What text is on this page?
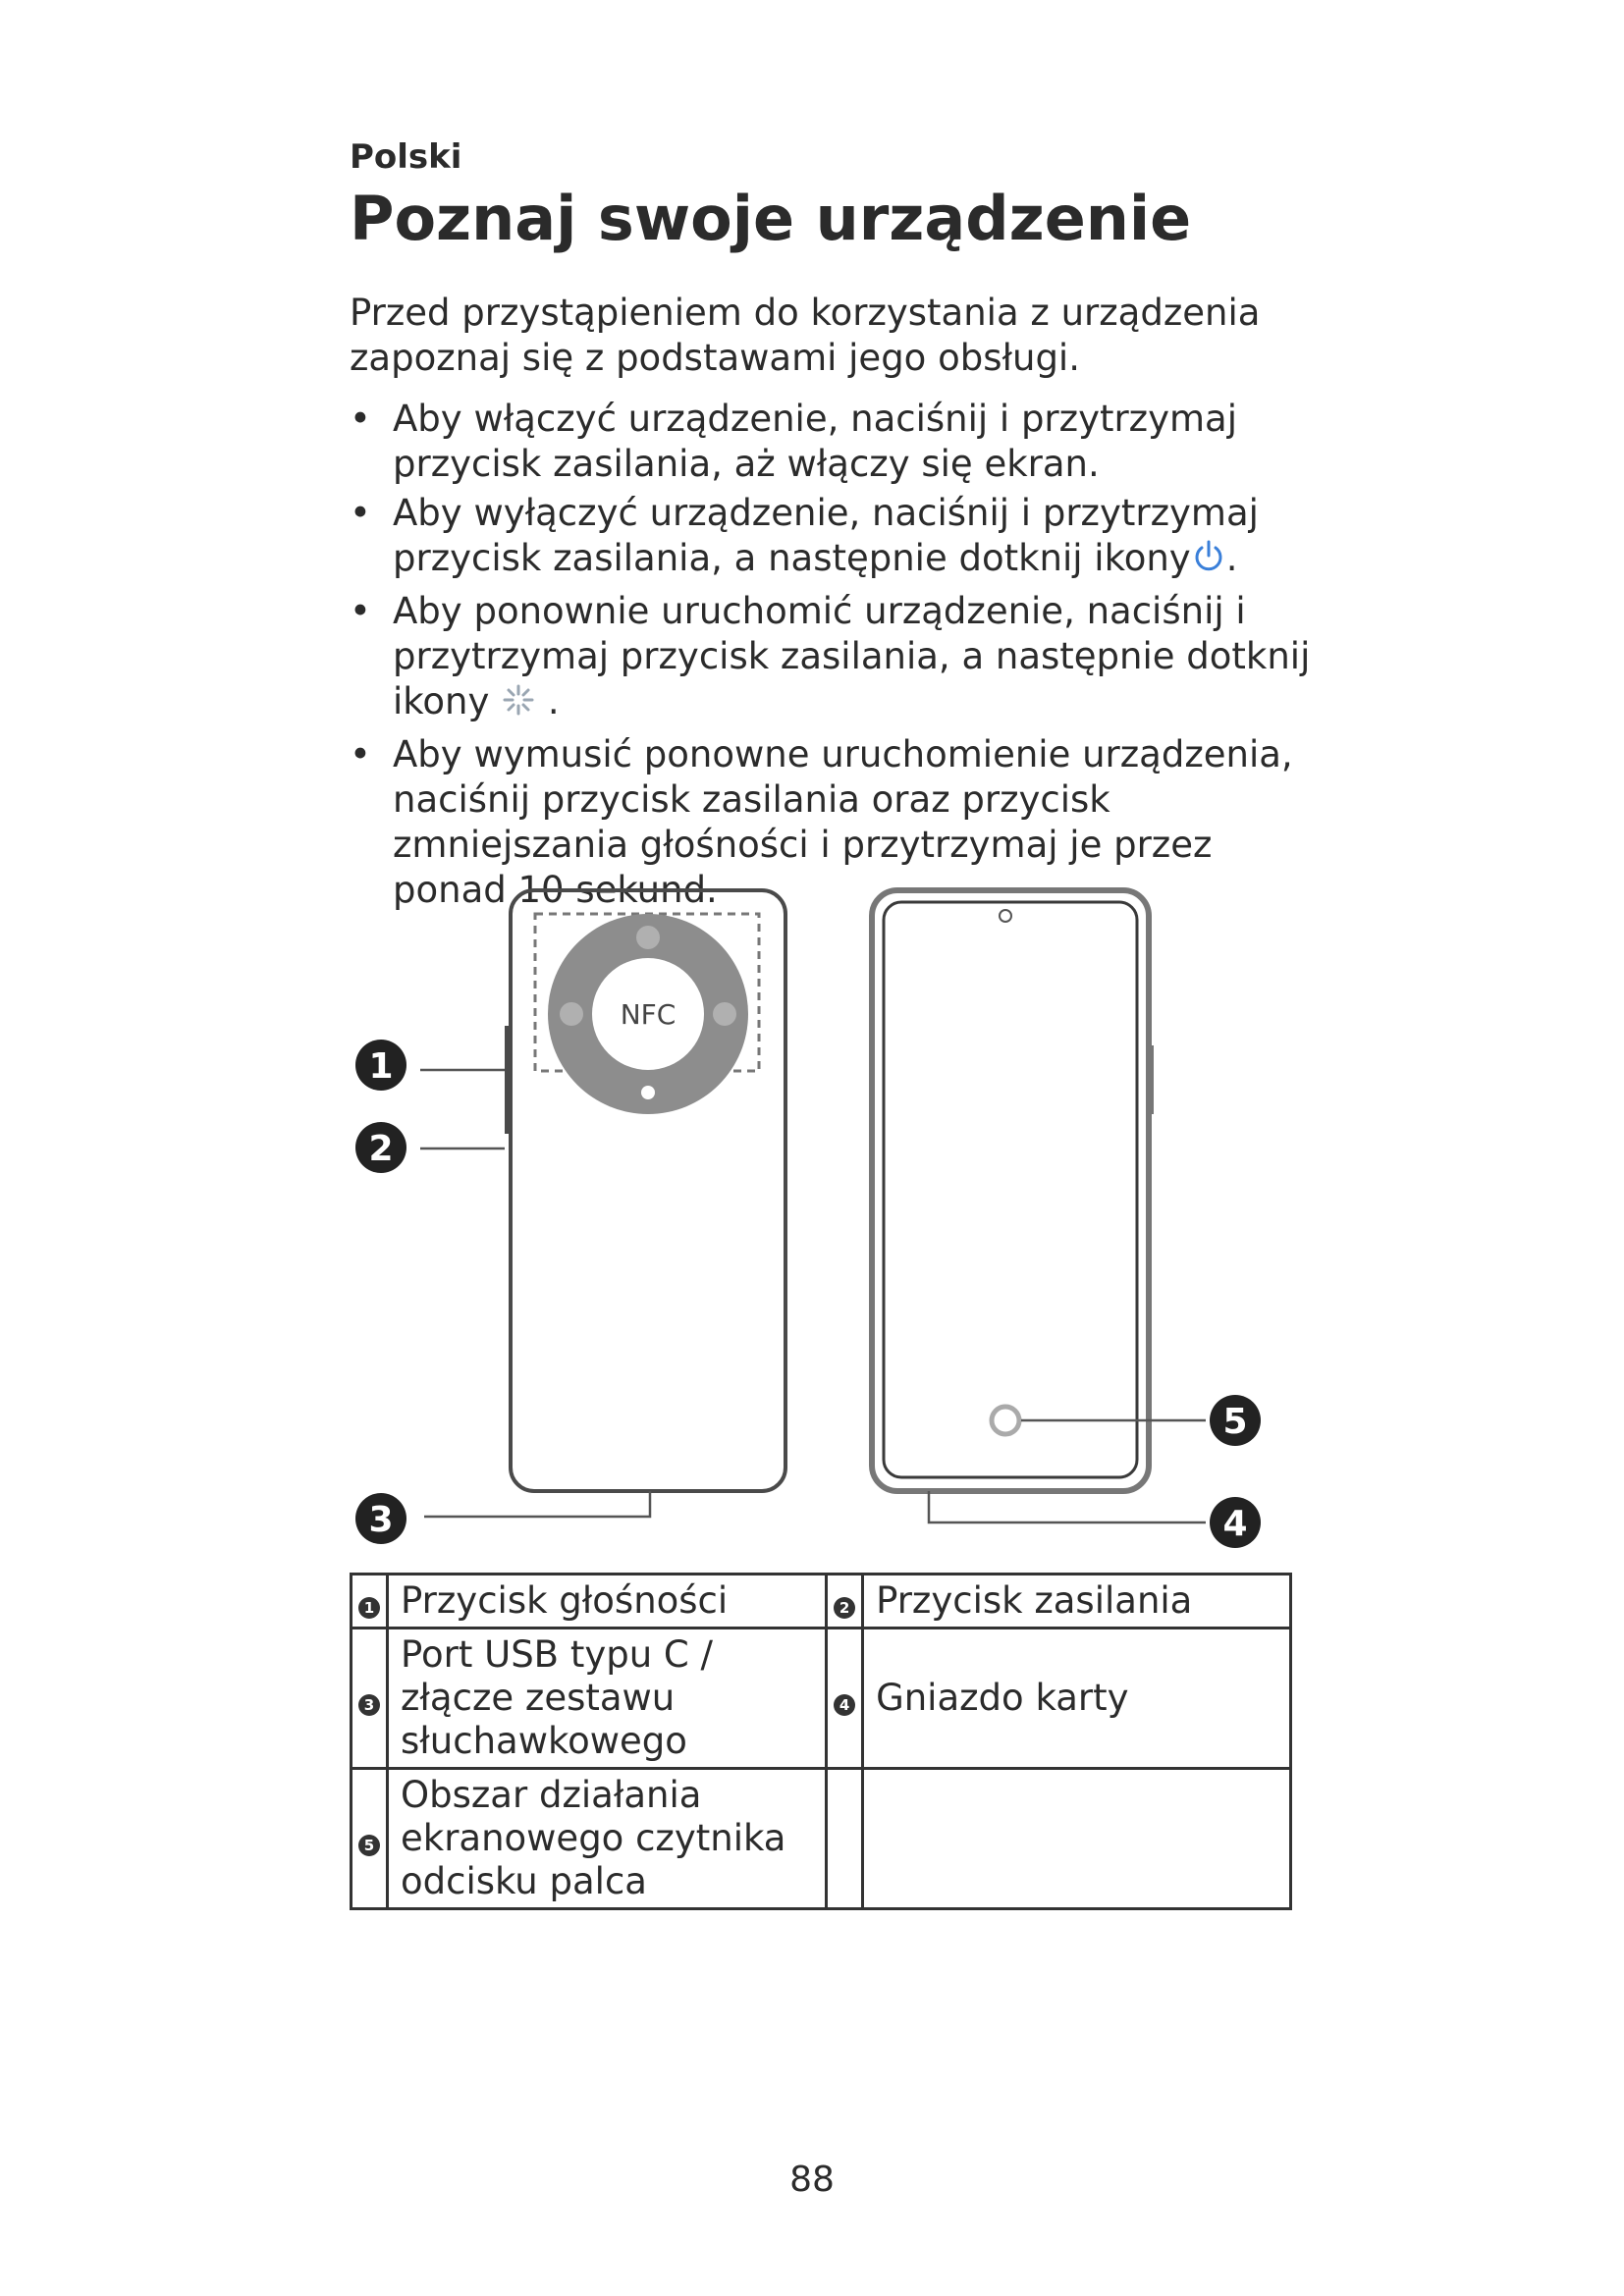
Polski
Poznaj swoje urządzenie

Przed przystąpieniem do korzystania z urządzenia zapoznaj się z podstawami jego obsługi.

• Aby włączyć urządzenie, naciśnij i przytrzymaj przycisk zasilania, aż włączy się ekran.
• Aby wyłączyć urządzenie, naciśnij i przytrzymaj przycisk zasilania, a następnie dotknij ikony .
• Aby ponownie uruchomić urządzenie, naciśnij i przytrzymaj przycisk zasilania, a następnie dotknij ikony .
• Aby wymusić ponowne uruchomienie urządzenia, naciśnij przycisk zasilania oraz przycisk zmniejszania głośności i przytrzymaj je przez ponad 10 sekund.
NFC
1
2
3	4
5
1	Przycisk głośności	2	Przycisk zasilania
3	Port USB typu C / złącze zestawu słuchawkowego	4	Gniazdo karty
5	Obszar działania ekranowego czytnika odcisku palca		
88
